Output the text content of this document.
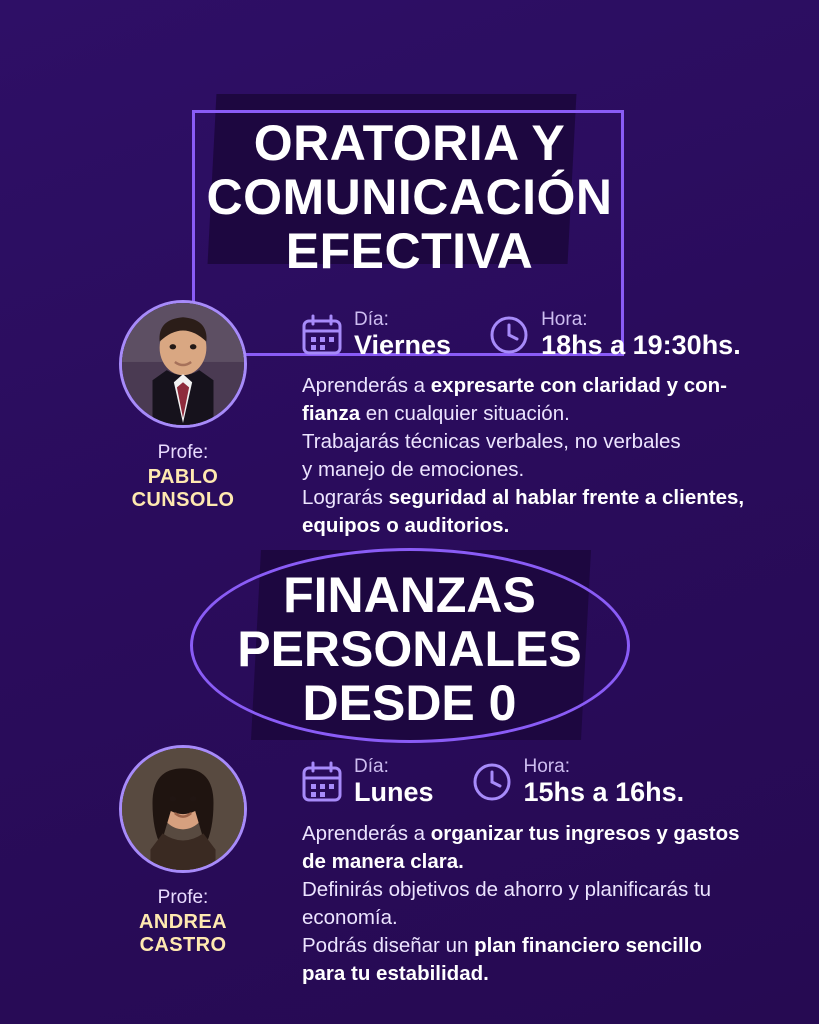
ORATORIA Y
COMUNICACIÓN
EFECTIVA
Profe:
PABLO CUNSOLO
Día:
Viernes
Hora:
18hs a 19:30hs.
Aprenderás a expresarte con claridad y con-
fianza en cualquier situación.
Trabajarás técnicas verbales, no verbales
y manejo de emociones.
Lograrás seguridad al hablar frente a clientes,
equipos o auditorios.
FINANZAS
PERSONALES
DESDE 0
Profe:
ANDREA CASTRO
Día:
Lunes
Hora:
15hs a 16hs.
Aprenderás a organizar tus ingresos y gastos
de manera clara.
Definirás objetivos de ahorro y planificarás tu
economía.
Podrás diseñar un plan financiero sencillo
para tu estabilidad.
